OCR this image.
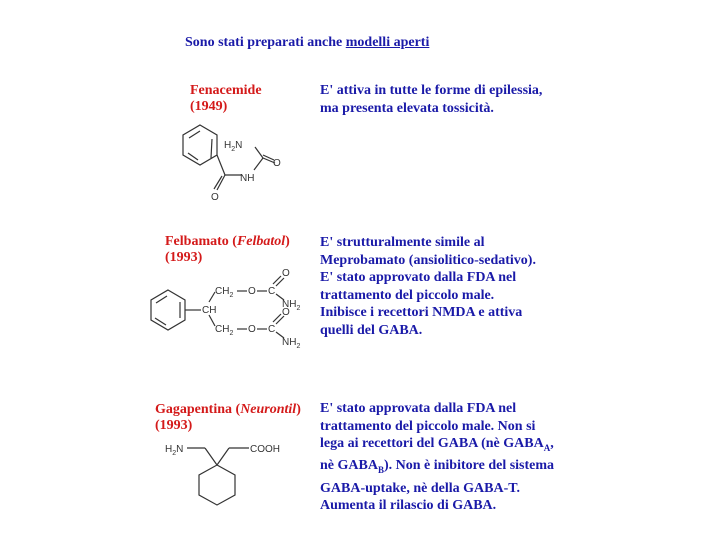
Sono stati preparati anche modelli aperti
Fenacemide
(1949)
E' attiva in tutte le forme di epilessia,
ma presenta elevata tossicità.
O
NH
O
$H_2N$
Felbamato (Felbatol)
(1993)
E' strutturalmente simile al
Meprobamato (ansiolitico-sedativo).
E' stato approvato dalla FDA nel
trattamento del piccolo male.
Inibisce i recettori NMDA e attiva
quelli del GABA.
CH
$CH_2$ O C
O
$NH_2$
$CH_2$ O C
O
$NH_2$
Gagapentina (Neurontil)
(1993)
E' stato approvata dalla FDA nel
trattamento del piccolo male. Non si
lega ai recettori del GABA (nè $GABA_A$,
nè $GABA_B$). Non è inibitore del sistema
GABA-uptake, nè della GABA-T.
Aumenta il rilascio di GABA.
$H_2N$	COOH
